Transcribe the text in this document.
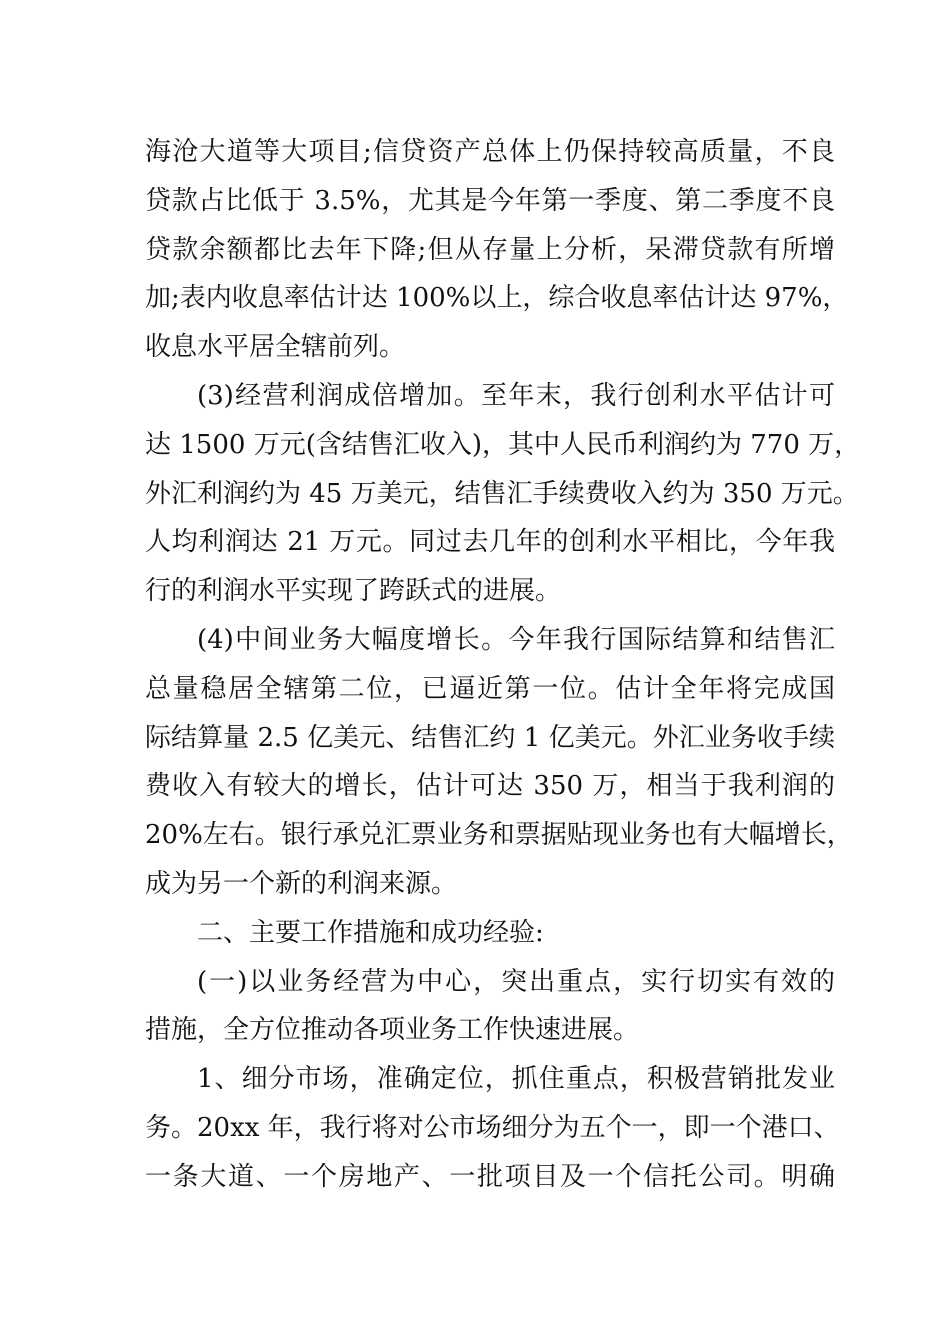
海沧大道等大项目;信贷资产总体上仍保持较高质量，不良
贷款占比低于 3.5%，尤其是今年第一季度、第二季度不良
贷款余额都比去年下降;但从存量上分析，呆滞贷款有所增
加;表内收息率估计达 100%以上，综合收息率估计达 97%，
收息水平居全辖前列。
(3)经营利润成倍增加。至年末，我行创利水平估计可
达 1500 万元(含结售汇收入)，其中人民币利润约为 770 万，
外汇利润约为 45 万美元，结售汇手续费收入约为 350 万元。
人均利润达 21 万元。同过去几年的创利水平相比，今年我
行的利润水平实现了跨跃式的进展。
(4)中间业务大幅度增长。今年我行国际结算和结售汇
总量稳居全辖第二位，已逼近第一位。估计全年将完成国
际结算量 2.5 亿美元、结售汇约 1 亿美元。外汇业务收手续
费收入有较大的增长，估计可达 350 万，相当于我利润的
20%左右。银行承兑汇票业务和票据贴现业务也有大幅增长，
成为另一个新的利润来源。
二、主要工作措施和成功经验:
(一)以业务经营为中心，突出重点，实行切实有效的
措施，全方位推动各项业务工作快速进展。
1、细分市场，准确定位，抓住重点，积极营销批发业
务。20xx 年，我行将对公市场细分为五个一，即一个港口、
一条大道、一个房地产、一批项目及一个信托公司。明确
